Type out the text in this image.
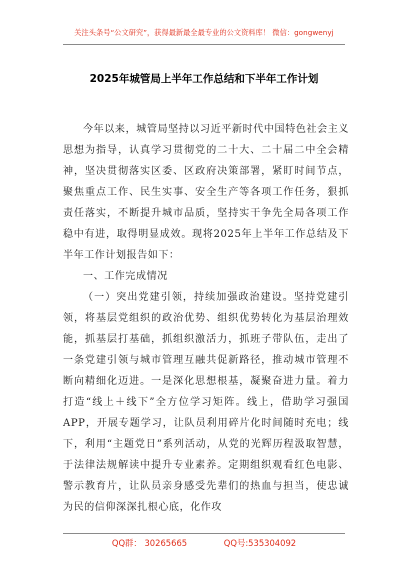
关注头条号“公文研究”，获得最新最全最专业的公文资料库！ 微信：gongwenyj
2025年城管局上半年工作总结和下半年工作计划

今年以来，城管局坚持以习近平新时代中国特色社会主义思想为指导，认真学习贯彻党的二十大、二十届二中全会精神，坚决贯彻落实区委、区政府决策部署，紧盯时间节点，聚焦重点工作、民生实事、安全生产等各项工作任务，狠抓责任落实，不断提升城市品质，坚持实干争先全局各项工作稳中有进，取得明显成效。现将2025年上半年工作总结及下半年工作计划报告如下：

一、工作完成情况

（一）突出党建引领，持续加强政治建设。坚持党建引领，将基层党组织的政治优势、组织优势转化为基层治理效能，抓基层打基础，抓组织激活力，抓班子带队伍，走出了一条党建引领与城市管理互融共促新路径，推动城市管理不断向精细化迈进。一是深化思想根基，凝聚奋进力量。着力打造“线上＋线下”全方位学习矩阵。线上，借助学习强国APP，开展专题学习，让队员利用碎片化时间随时充电；线下，利用“主题党日”系列活动，从党的光辉历程汲取智慧，于法律法规解读中提升专业素养。定期组织观看红色电影、警示教育片，让队员亲身感受先辈们的热血与担当，使忠诚为民的信仰深深扎根心底，化作攻

QQ群： 30265665	QQ号:535304092
